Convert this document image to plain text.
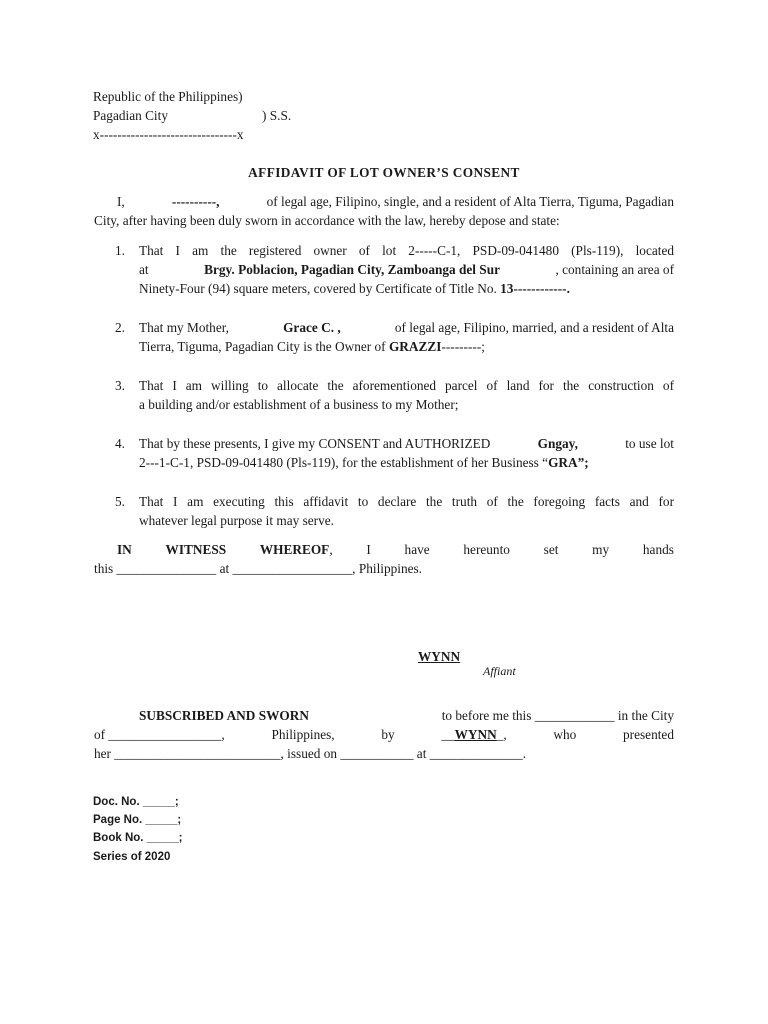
Republic of the Philippines)
Pagadian City	) S.S.
x-------------------------------x
AFFIDAVIT OF LOT OWNER’S CONSENT
I,	----------,	of legal age, Filipino, single, and a resident of Alta Tierra, Tiguma, Pagadian
City, after having been duly sworn in accordance with the law, hereby depose and state:
1. That I am the registered owner of lot 2-----C-1, PSD-09-041480 (Pls-119), located
at	Brgy. Poblacion, Pagadian City, Zamboanga del Sur	, containing an area of
Ninety-Four (94) square meters, covered by Certificate of Title No. 13------------.
2. That my Mother,	Grace C. ,	of legal age, Filipino, married, and a resident of Alta
Tierra, Tiguma, Pagadian City is the Owner of GRAZZI---------;
3. That I am willing to allocate the aforementioned parcel of land for the construction of
a building and/or establishment of a business to my Mother;
4. That by these presents, I give my CONSENT and AUTHORIZED	Gngay,	to use lot
2---1-C-1, PSD-09-041480 (Pls-119), for the establishment of her Business “GRA”;
5. That I am executing this affidavit to declare the truth of the foregoing facts and for
whatever legal purpose it may serve.
IN	WITNESS	WHEREOF,	I	have	hereunto	set	my	hands
this _______________ at __________________, Philippines.
WYNN
Affiant
SUBSCRIBED AND SWORN	to before me this ____________ in the City
of _________________,	Philippines,	by	__WYNN_,	who	presented
her _________________________, issued on ___________ at ______________.
Doc. No. _____;
Page No. _____;
Book No. _____;
Series of 2020
